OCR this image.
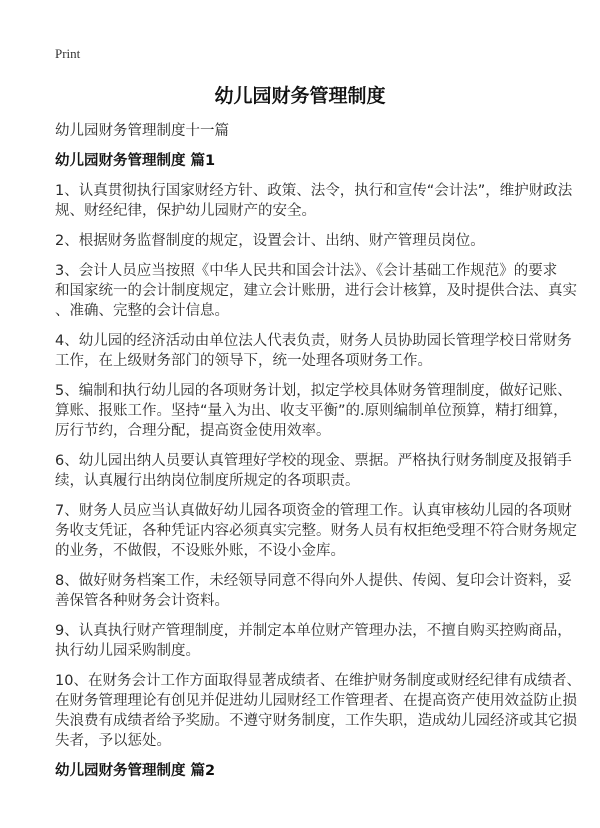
Print
幼儿园财务管理制度
幼儿园财务管理制度十一篇
幼儿园财务管理制度 篇1
1、认真贯彻执行国家财经方针、政策、法令，执行和宣传“会计法”，维护财政法
规、财经纪律，保护幼儿园财产的安全。
2、根据财务监督制度的规定，设置会计、出纳、财产管理员岗位。
3、会计人员应当按照《中华人民共和国会计法》、《会计基础工作规范》的要求
和国家统一的会计制度规定，建立会计账册，进行会计核算，及时提供合法、真实
、准确、完整的会计信息。
4、幼儿园的经济活动由单位法人代表负责，财务人员协助园长管理学校日常财务
工作，在上级财务部门的领导下，统一处理各项财务工作。
5、编制和执行幼儿园的各项财务计划，拟定学校具体财务管理制度，做好记账、
算账、报账工作。坚持“量入为出、收支平衡”的.原则编制单位预算，精打细算，
厉行节约，合理分配，提高资金使用效率。
6、幼儿园出纳人员要认真管理好学校的现金、票据。严格执行财务制度及报销手
续，认真履行出纳岗位制度所规定的各项职责。
7、财务人员应当认真做好幼儿园各项资金的管理工作。认真审核幼儿园的各项财
务收支凭证，各种凭证内容必须真实完整。财务人员有权拒绝受理不符合财务规定
的业务，不做假，不设账外账，不设小金库。
8、做好财务档案工作，未经领导同意不得向外人提供、传阅、复印会计资料，妥
善保管各种财务会计资料。
9、认真执行财产管理制度，并制定本单位财产管理办法，不擅自购买控购商品，
执行幼儿园采购制度。
10、在财务会计工作方面取得显著成绩者、在维护财务制度或财经纪律有成绩者、
在财务管理理论有创见并促进幼儿园财经工作管理者、在提高资产使用效益防止损
失浪费有成绩者给予奖励。不遵守财务制度，工作失职，造成幼儿园经济或其它损
失者，予以惩处。
幼儿园财务管理制度 篇2
